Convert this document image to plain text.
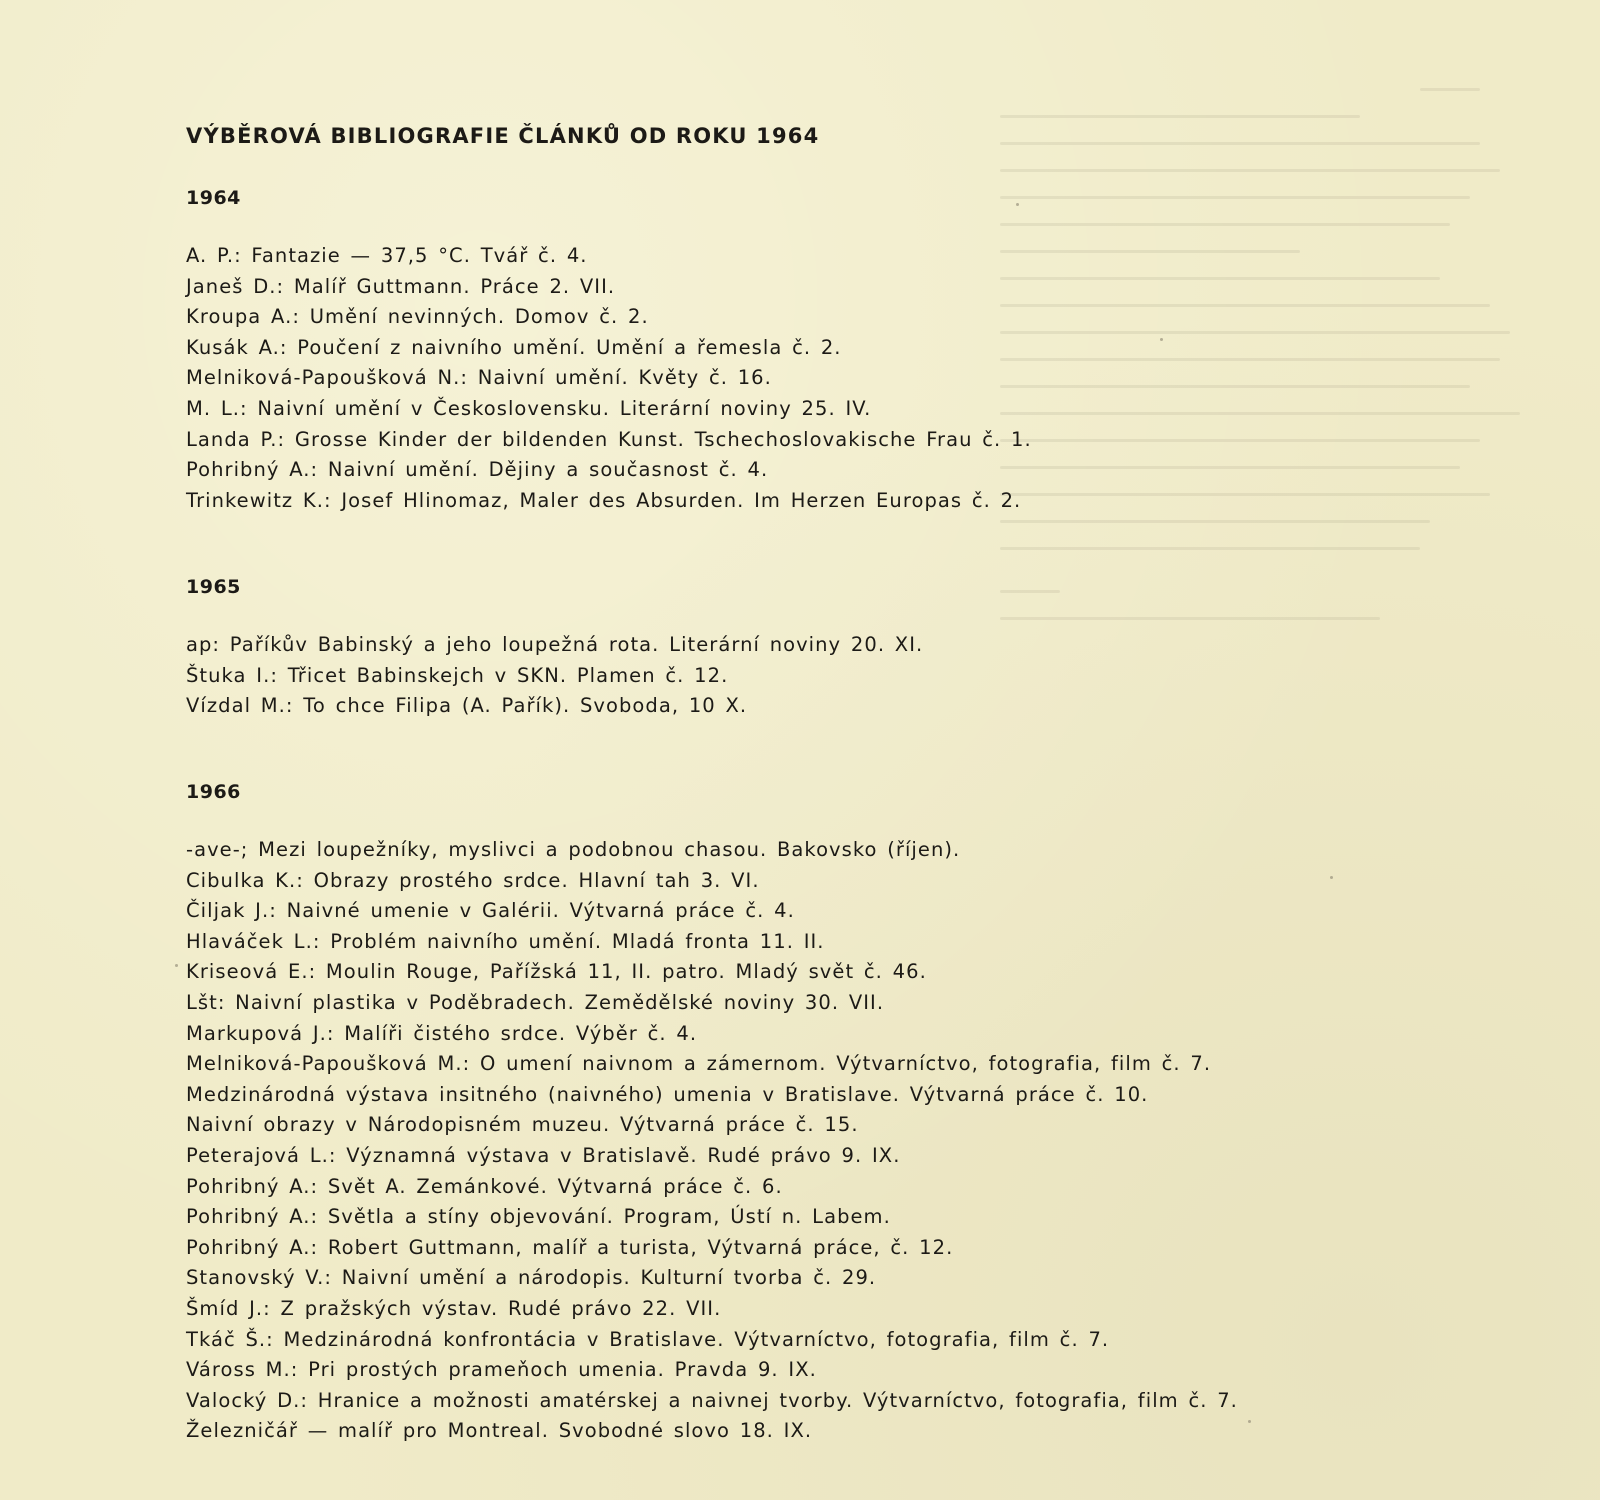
VÝBĚROVÁ BIBLIOGRAFIE ČLÁNKŮ OD ROKU 1964
1964
A. P.: Fantazie — 37,5 °C. Tvář č. 4.
Janeš D.: Malíř Guttmann. Práce 2. VII.
Kroupa A.: Umění nevinných. Domov č. 2.
Kusák A.: Poučení z naivního umění. Umění a řemesla č. 2.
Melniková-Papoušková N.: Naivní umění. Květy č. 16.
M. L.: Naivní umění v Československu. Literární noviny 25. IV.
Landa P.: Grosse Kinder der bildenden Kunst. Tschechoslovakische Frau č. 1.
Pohribný A.: Naivní umění. Dějiny a současnost č. 4.
Trinkewitz K.: Josef Hlinomaz, Maler des Absurden. Im Herzen Europas č. 2.
1965
ap: Paříkův Babinský a jeho loupežná rota. Literární noviny 20. XI.
Štuka I.: Třicet Babinskejch v SKN. Plamen č. 12.
Vízdal M.: To chce Filipa (A. Pařík). Svoboda, 10 X.
1966
-ave-; Mezi loupežníky, myslivci a podobnou chasou. Bakovsko (říjen).
Cibulka K.: Obrazy prostého srdce. Hlavní tah 3. VI.
Čiljak J.: Naivné umenie v Galérii. Výtvarná práce č. 4.
Hlaváček L.: Problém naivního umění. Mladá fronta 11. II.
Kriseová E.: Moulin Rouge, Pařížská 11, II. patro. Mladý svět č. 46.
Lšt: Naivní plastika v Poděbradech. Zemědělské noviny 30. VII.
Markupová J.: Malíři čistého srdce. Výběr č. 4.
Melniková-Papoušková M.: O umení naivnom a zámernom. Výtvarníctvo, fotografia, film č. 7.
Medzinárodná výstava insitného (naivného) umenia v Bratislave. Výtvarná práce č. 10.
Naivní obrazy v Národopisném muzeu. Výtvarná práce č. 15.
Peterajová L.: Významná výstava v Bratislavě. Rudé právo 9. IX.
Pohribný A.: Svět A. Zemánkové. Výtvarná práce č. 6.
Pohribný A.: Světla a stíny objevování. Program, Ústí n. Labem.
Pohribný A.: Robert Guttmann, malíř a turista, Výtvarná práce, č. 12.
Stanovský V.: Naivní umění a národopis. Kulturní tvorba č. 29.
Šmíd J.: Z pražských výstav. Rudé právo 22. VII.
Tkáč Š.: Medzinárodná konfrontácia v Bratislave. Výtvarníctvo, fotografia, film č. 7.
Váross M.: Pri prostých prameňoch umenia. Pravda 9. IX.
Valocký D.: Hranice a možnosti amatérskej a naivnej tvorby. Výtvarníctvo, fotografia, film č. 7.
Železničář — malíř pro Montreal. Svobodné slovo 18. IX.
